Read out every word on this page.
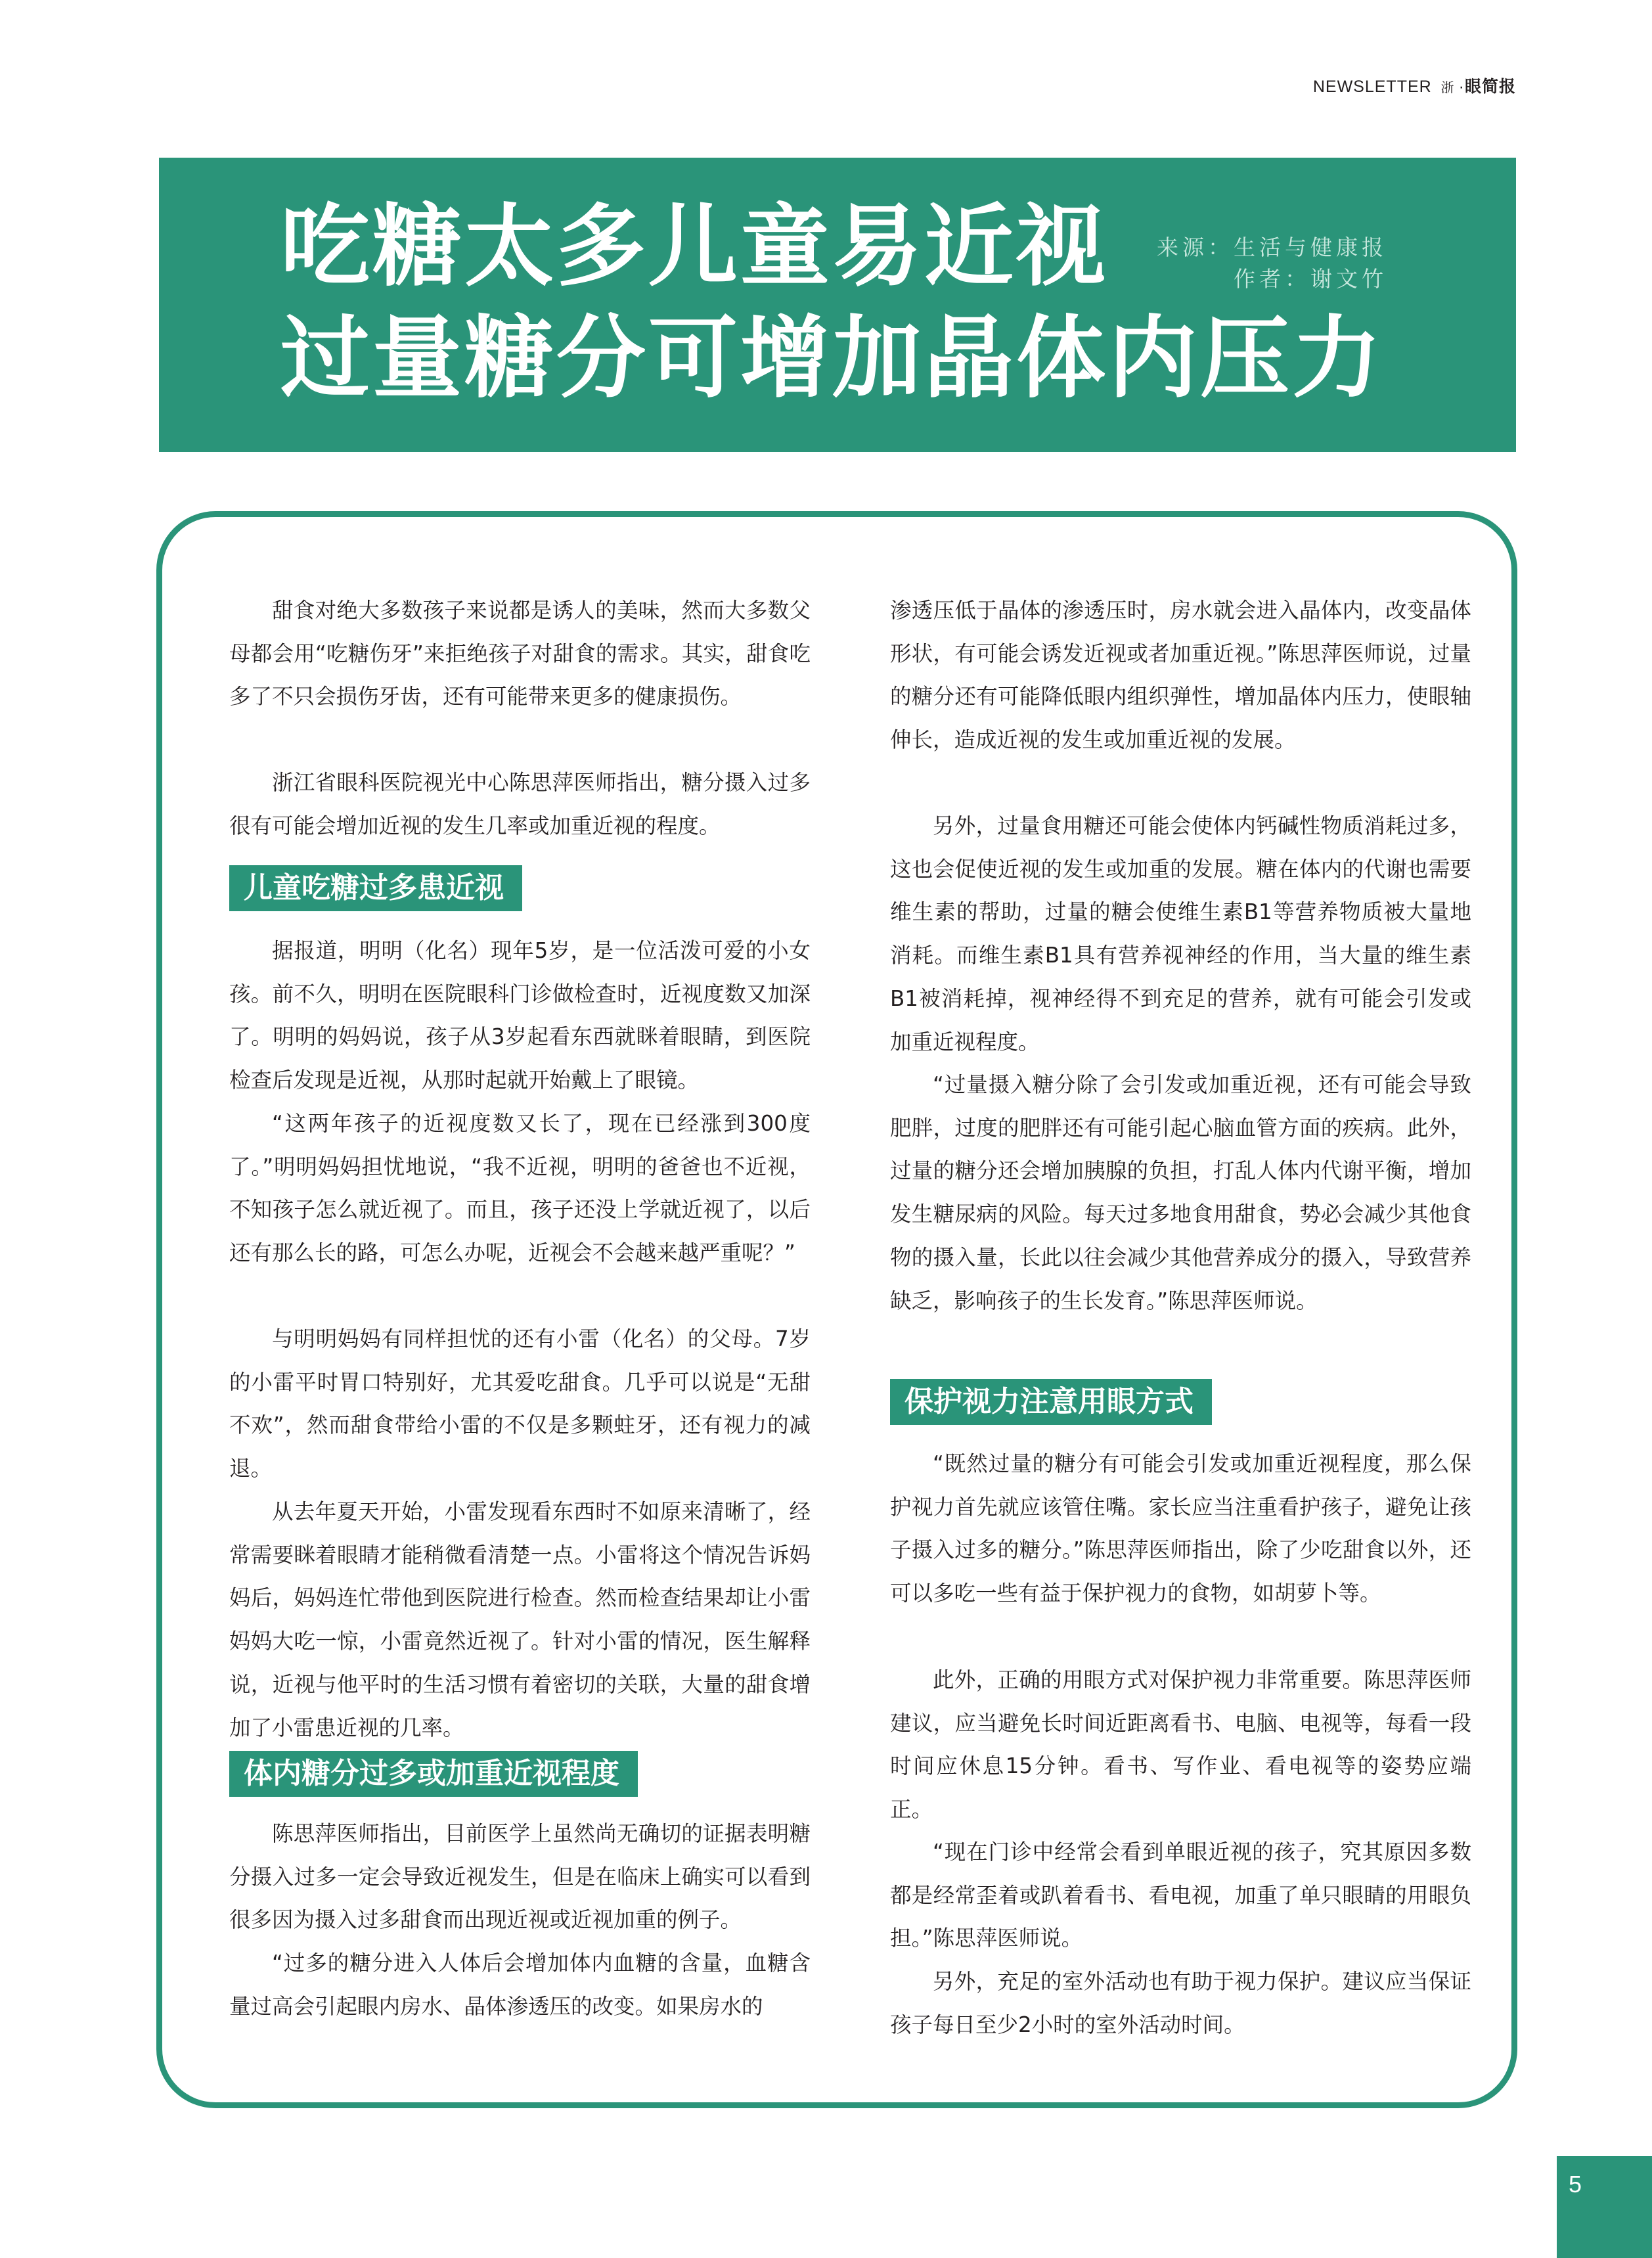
NEWSLETTER 浙 ·眼简报
吃糖太多儿童易近视
过量糖分可增加晶体内压力
来源：生活与健康报
作者：谢文竹

甜食对绝大多数孩子来说都是诱人的美味，然而大多数父母都会用“吃糖伤牙”来拒绝孩子对甜食的需求。其实，甜食吃多了不只会损伤牙齿，还有可能带来更多的健康损伤。

浙江省眼科医院视光中心陈思萍医师指出，糖分摄入过多很有可能会增加近视的发生几率或加重近视的程度。

儿童吃糖过多患近视

据报道，明明（化名）现年5岁，是一位活泼可爱的小女孩。前不久，明明在医院眼科门诊做检查时，近视度数又加深了。明明的妈妈说，孩子从3岁起看东西就眯着眼睛，到医院检查后发现是近视，从那时起就开始戴上了眼镜。

“这两年孩子的近视度数又长了，现在已经涨到300度了。”明明妈妈担忧地说，“我不近视，明明的爸爸也不近视，不知孩子怎么就近视了。而且，孩子还没上学就近视了，以后还有那么长的路，可怎么办呢，近视会不会越来越严重呢？”

与明明妈妈有同样担忧的还有小雷（化名）的父母。7岁的小雷平时胃口特别好，尤其爱吃甜食。几乎可以说是“无甜不欢”，然而甜食带给小雷的不仅是多颗蛀牙，还有视力的减退。

从去年夏天开始，小雷发现看东西时不如原来清晰了，经常需要眯着眼睛才能稍微看清楚一点。小雷将这个情况告诉妈妈后，妈妈连忙带他到医院进行检查。然而检查结果却让小雷妈妈大吃一惊，小雷竟然近视了。针对小雷的情况，医生解释说，近视与他平时的生活习惯有着密切的关联，大量的甜食增加了小雷患近视的几率。

体内糖分过多或加重近视程度

陈思萍医师指出，目前医学上虽然尚无确切的证据表明糖分摄入过多一定会导致近视发生，但是在临床上确实可以看到很多因为摄入过多甜食而出现近视或近视加重的例子。

“过多的糖分进入人体后会增加体内血糖的含量，血糖含量过高会引起眼内房水、晶体渗透压的改变。如果房水的

渗透压低于晶体的渗透压时，房水就会进入晶体内，改变晶体形状，有可能会诱发近视或者加重近视。”陈思萍医师说，过量的糖分还有可能降低眼内组织弹性，增加晶体内压力，使眼轴伸长，造成近视的发生或加重近视的发展。

另外，过量食用糖还可能会使体内钙碱性物质消耗过多，这也会促使近视的发生或加重的发展。糖在体内的代谢也需要维生素的帮助，过量的糖会使维生素B1等营养物质被大量地消耗。而维生素B1具有营养视神经的作用，当大量的维生素B1被消耗掉，视神经得不到充足的营养，就有可能会引发或加重近视程度。

“过量摄入糖分除了会引发或加重近视，还有可能会导致肥胖，过度的肥胖还有可能引起心脑血管方面的疾病。此外，过量的糖分还会增加胰腺的负担，打乱人体内代谢平衡，增加发生糖尿病的风险。每天过多地食用甜食，势必会减少其他食物的摄入量，长此以往会减少其他营养成分的摄入，导致营养缺乏，影响孩子的生长发育。”陈思萍医师说。

保护视力注意用眼方式

“既然过量的糖分有可能会引发或加重近视程度，那么保护视力首先就应该管住嘴。家长应当注重看护孩子，避免让孩子摄入过多的糖分。”陈思萍医师指出，除了少吃甜食以外，还可以多吃一些有益于保护视力的食物，如胡萝卜等。

此外，正确的用眼方式对保护视力非常重要。陈思萍医师建议，应当避免长时间近距离看书、电脑、电视等，每看一段时间应休息15分钟。看书、写作业、看电视等的姿势应端正。

“现在门诊中经常会看到单眼近视的孩子，究其原因多数都是经常歪着或趴着看书、看电视，加重了单只眼睛的用眼负担。”陈思萍医师说。

另外，充足的室外活动也有助于视力保护。建议应当保证孩子每日至少2小时的室外活动时间。

5
